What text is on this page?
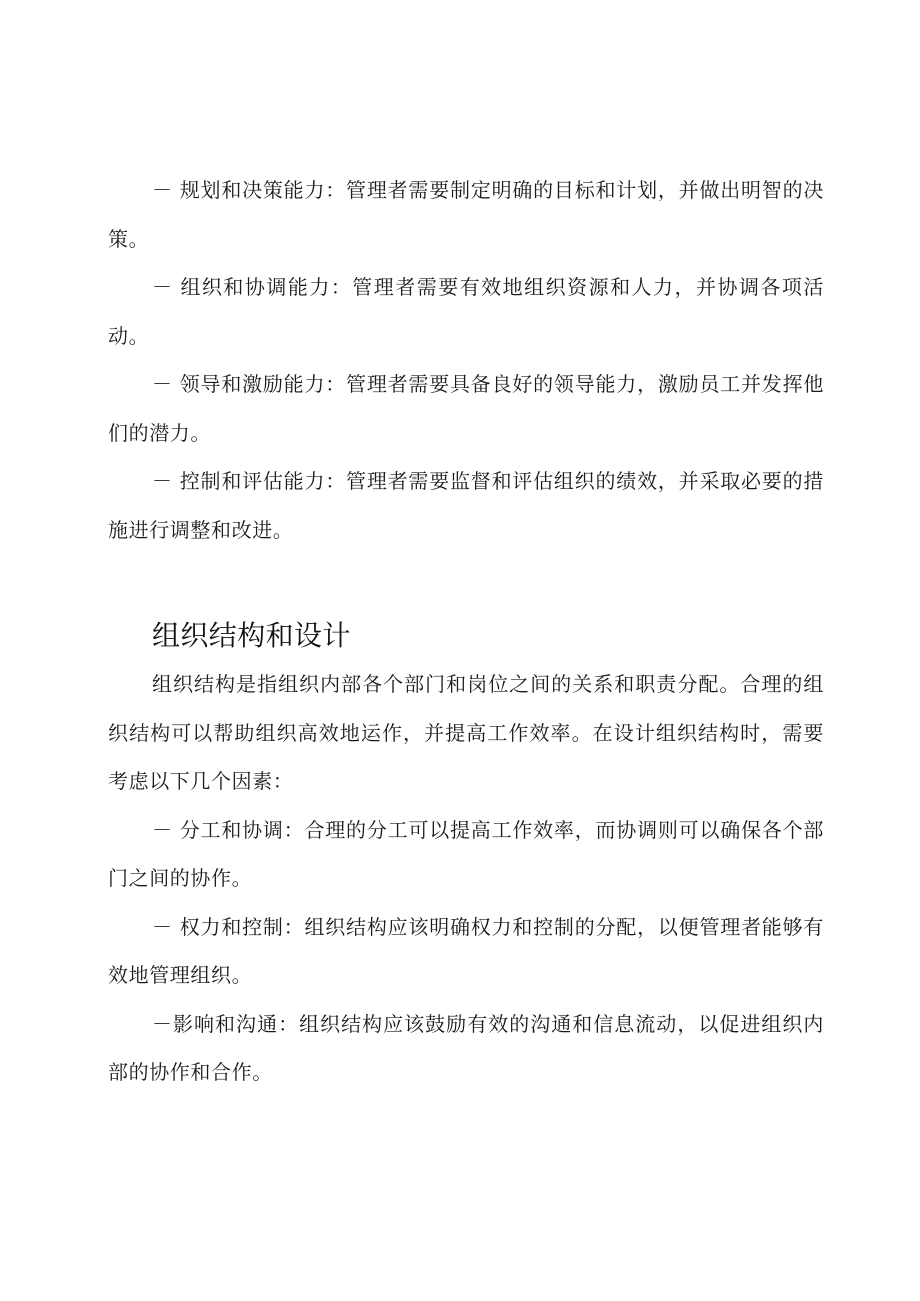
－ 规划和决策能力：管理者需要制定明确的目标和计划，并做出明智的决策。

－ 组织和协调能力：管理者需要有效地组织资源和人力，并协调各项活动。

－ 领导和激励能力：管理者需要具备良好的领导能力，激励员工并发挥他们的潜力。

－ 控制和评估能力：管理者需要监督和评估组织的绩效，并采取必要的措施进行调整和改进。

组织结构和设计

组织结构是指组织内部各个部门和岗位之间的关系和职责分配。合理的组织结构可以帮助组织高效地运作，并提高工作效率。在设计组织结构时，需要考虑以下几个因素：

－ 分工和协调：合理的分工可以提高工作效率，而协调则可以确保各个部门之间的协作。

－ 权力和控制：组织结构应该明确权力和控制的分配，以便管理者能够有效地管理组织。

－影响和沟通：组织结构应该鼓励有效的沟通和信息流动，以促进组织内部的协作和合作。
